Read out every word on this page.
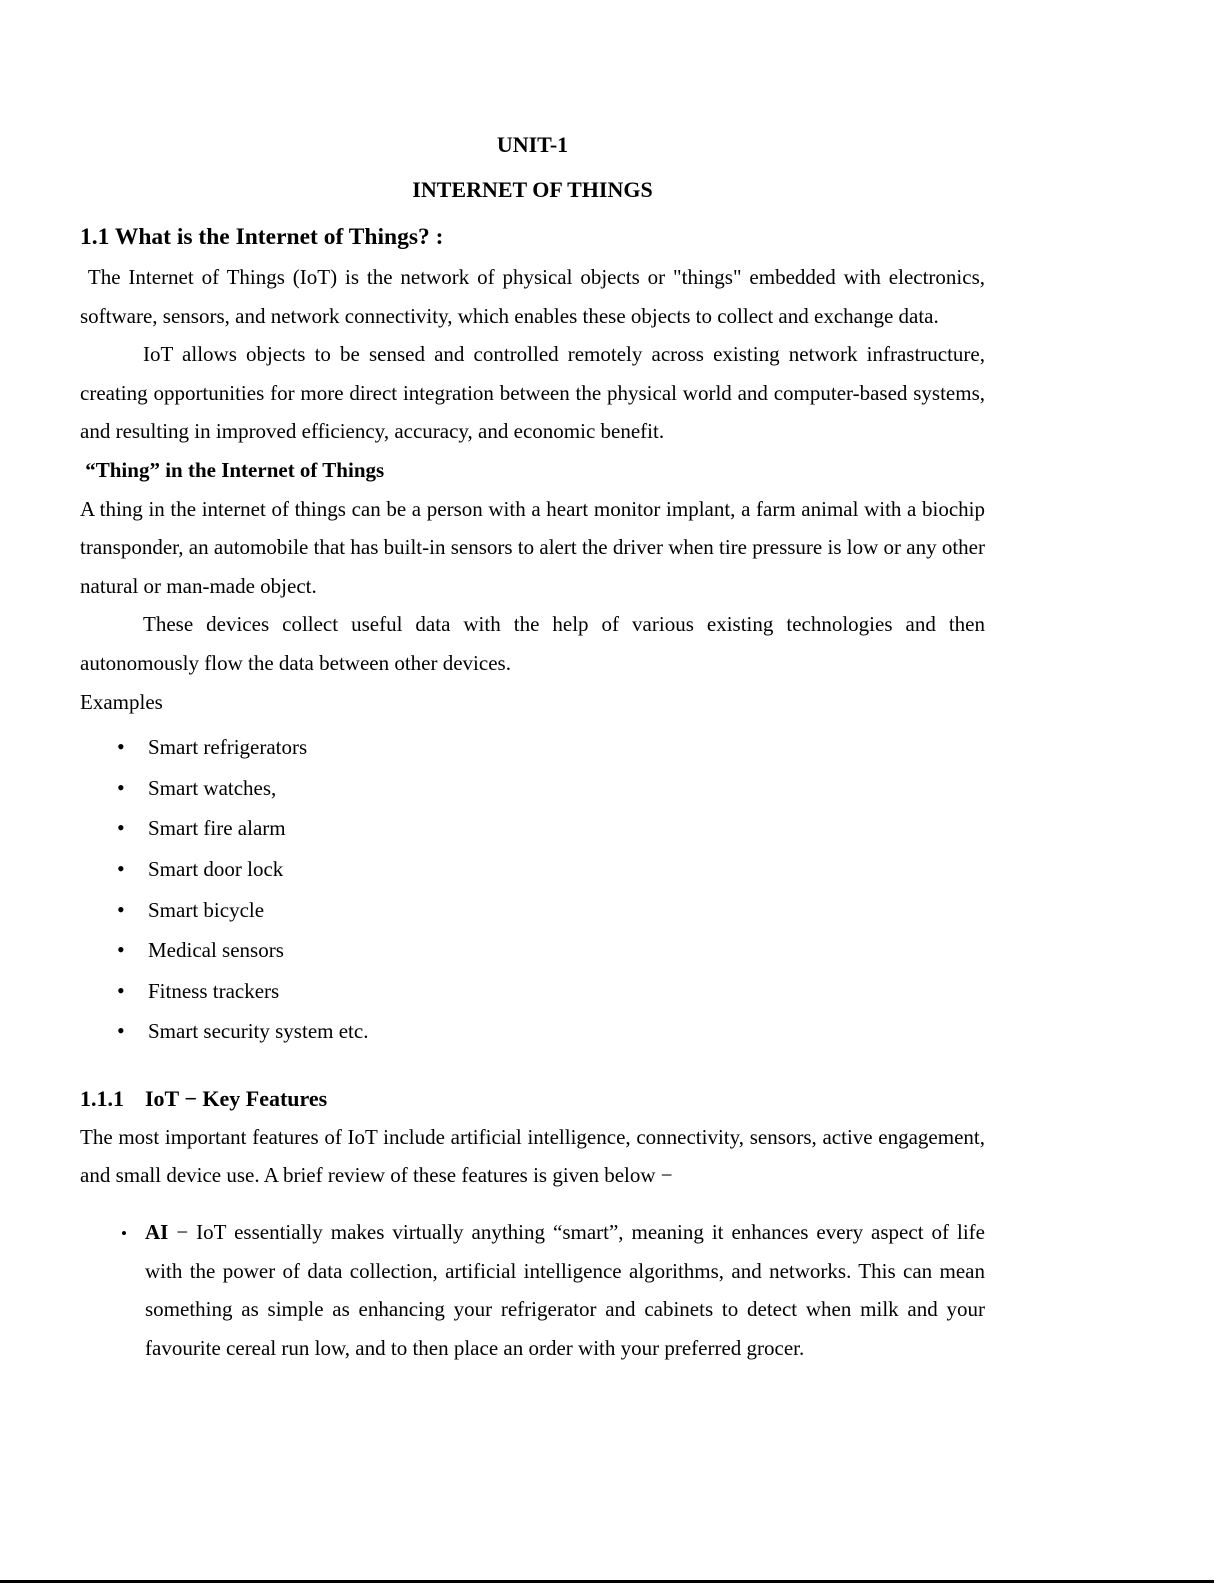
UNIT-1

INTERNET OF THINGS

1.1 What is the Internet of Things? :

The Internet of Things (IoT) is the network of physical objects or "things" embedded with electronics, software, sensors, and network connectivity, which enables these objects to collect and exchange data.

IoT allows objects to be sensed and controlled remotely across existing network infrastructure, creating opportunities for more direct integration between the physical world and computer-based systems, and resulting in improved efficiency, accuracy, and economic benefit.

“Thing” in the Internet of Things

A thing in the internet of things can be a person with a heart monitor implant, a farm animal with a biochip transponder, an automobile that has built-in sensors to alert the driver when tire pressure is low or any other natural or man-made object.

These devices collect useful data with the help of various existing technologies and then autonomously flow the data between other devices.

Examples

• Smart refrigerators
• Smart watches,
• Smart fire alarm
• Smart door lock
• Smart bicycle
• Medical sensors
• Fitness trackers
• Smart security system etc.
1.1.1 IoT − Key Features

The most important features of IoT include artificial intelligence, connectivity, sensors, active engagement, and small device use. A brief review of these features is given below −

• AI − IoT essentially makes virtually anything “smart”, meaning it enhances every aspect of life with the power of data collection, artificial intelligence algorithms, and networks. This can mean something as simple as enhancing your refrigerator and cabinets to detect when milk and your favourite cereal run low, and to then place an order with your preferred grocer.
